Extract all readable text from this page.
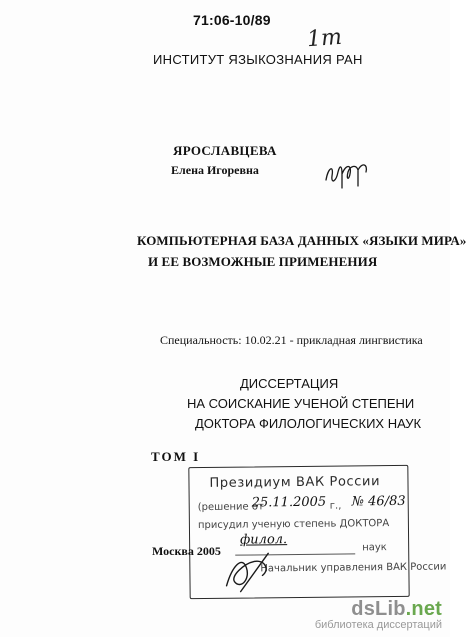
71:06-10/89
1т
ИНСТИТУТ ЯЗЫКОЗНАНИЯ РАН
ЯРОСЛАВЦЕВА
Елена Игоревна
КОМПЬЮТЕРНАЯ БАЗА ДАННЫХ «ЯЗЫКИ МИРА»
И ЕЕ ВОЗМОЖНЫЕ ПРИМЕНЕНИЯ
Специальность: 10.02.21 - прикладная лингвистика
ДИССЕРТАЦИЯ
НА СОИСКАНИЕ УЧЕНОЙ СТЕПЕНИ
ДОКТОРА ФИЛОЛОГИЧЕСКИХ НАУК
ТОМ I
Президиум ВАК России
(решение от
25.11.2005 г., № 46/83
присудил ученую степень ДОКТОРА
филол.
наук
Начальник управления ВАК России
Москва 2005
dsLib.net
библиотека диссертаций
